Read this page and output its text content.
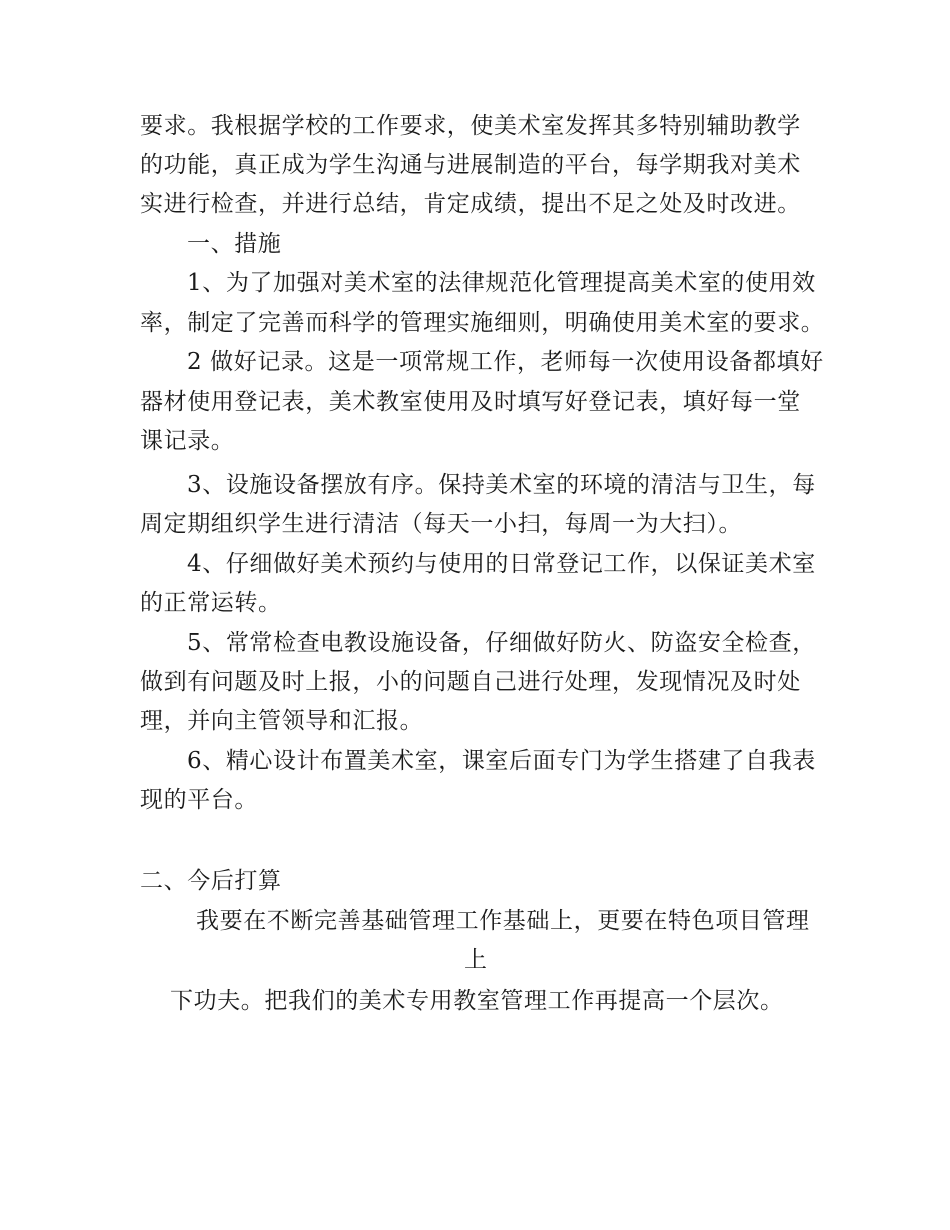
要求。我根据学校的工作要求，使美术室发挥其多特别辅助教学
的功能，真正成为学生沟通与进展制造的平台，每学期我对美术
实进行检查，并进行总结，肯定成绩，提出不足之处及时改进。
一、措施
1、为了加强对美术室的法律规范化管理提高美术室的使用效
率，制定了完善而科学的管理实施细则，明确使用美术室的要求。
2 做好记录。这是一项常规工作，老师每一次使用设备都填好
器材使用登记表，美术教室使用及时填写好登记表，填好每一堂
课记录。
3、设施设备摆放有序。保持美术室的环境的清洁与卫生，每
周定期组织学生进行清洁（每天一小扫，每周一为大扫）。
4、仔细做好美术预约与使用的日常登记工作，以保证美术室
的正常运转。
5、常常检查电教设施设备，仔细做好防火、防盗安全检查，
做到有问题及时上报，小的问题自己进行处理，发现情况及时处
理，并向主管领导和汇报。
6、精心设计布置美术室，课室后面专门为学生搭建了自我表
现的平台。
二、今后打算
我要在不断完善基础管理工作基础上，更要在特色项目管理
上
下功夫。把我们的美术专用教室管理工作再提高一个层次。
